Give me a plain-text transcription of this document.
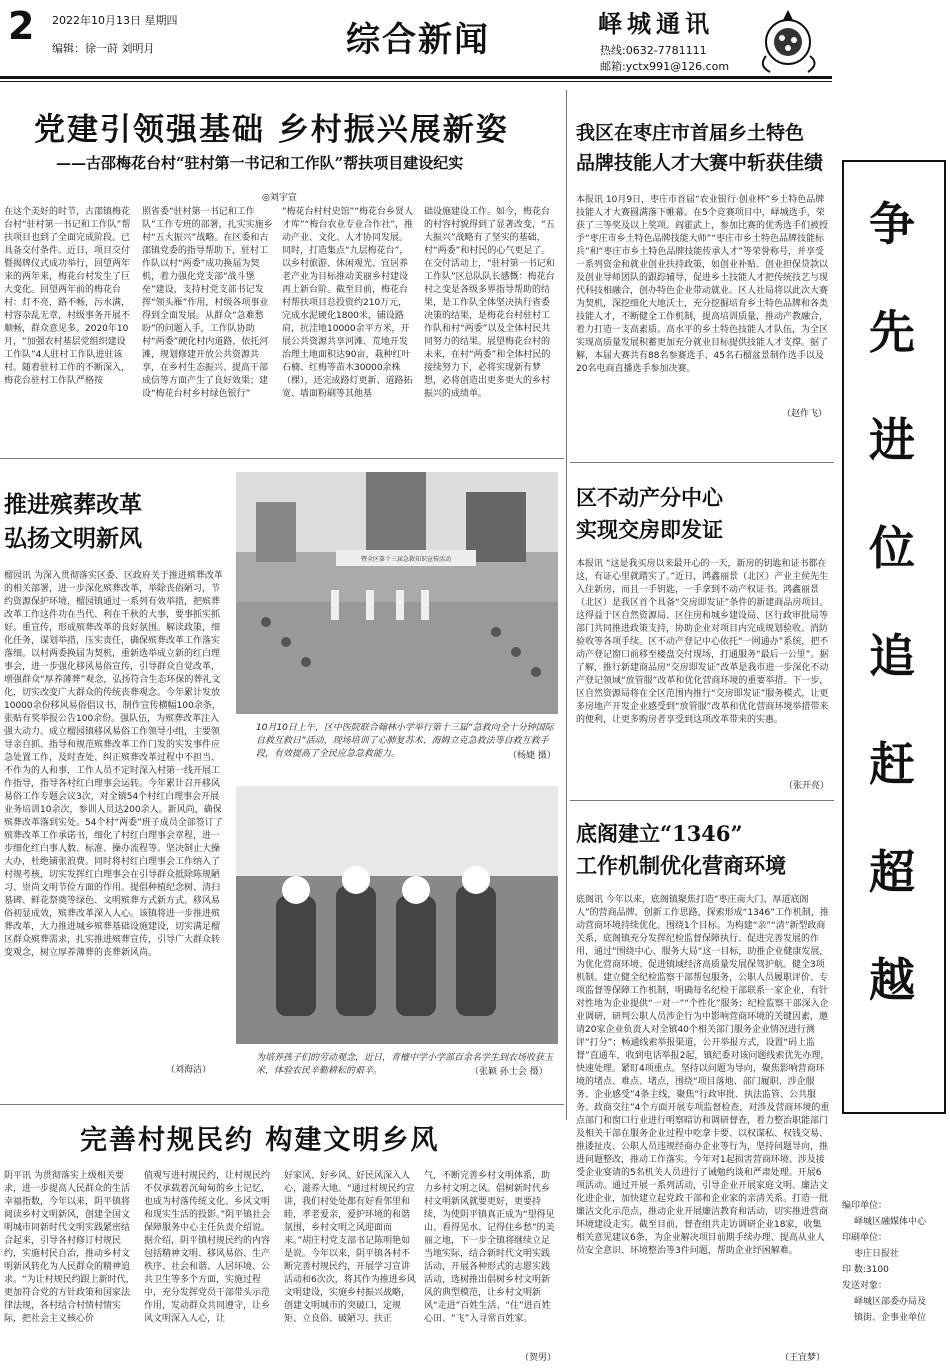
2 2022年10月13日 星期四
编辑：徐一莳 刘明月	综合新闻	峄城通讯
热线:0632-7781111
邮箱:yctx991@126.com
党建引领强基础 乡村振兴展新姿
——古邵梅花台村“驻村第一书记和工作队”帮扶项目建设纪实
◎刘宇宣
在这个美好的时节，古邵镇梅花台村“驻村第一书记和工作队”帮扶项目也到了全面完成阶段。已具备交付条件。近日，项目交付暨揭牌仪式成功举行，回望两年来的两年来，梅花台村发生了巨大变化。回望两年前的梅花台村：灯不亮，路不畅，污水满，村容杂乱无章，村级事务开展不顺畅，群众意见多。2020年10月，“加强农村基层党组织建设工作队”4人驻村工作队进驻该村。随着驻村工作的不断深入，梅花台驻村工作队严格按
照省委“驻村第一书记和工作队”工作专班的部署，扎实实施乡村“五大振兴”战略。在区委和古邵镇党委的指导帮助下，驻村工作队以村“两委”成功换届为契机，着力强化党支部“战斗堡垒”建设，支持村党支部书记发挥“领头雁”作用，村级各项事业得到全面发展。从群众“急难愁盼”的问题入手，工作队协助村“两委”硬化村内道路，依托河滩，规划修建开放公共资源共享，在乡村生态振兴、提高干部成信等方面产生了良好效果；建设“梅花台村乡村绿色银行”
“梅花台村村史馆”“梅花台乡贤人才库”“梅台农业专业合作社”，推动产业、文化、人才协同发展。同时，打造集点“九层梅花台”，以乡村旅游、休闲观光、宜居养老产业为目标推动美丽乡村建设再上新台阶。截至目前，梅花台村帮扶项目总投资约210万元，完成水泥硬化1800米，铺设路肩，抗洼地10000余平方米，开展公共资源共享河滩、荒地开发治理土地面积达90亩，栽种红叶石楠、红梅等苗木30000余株（棵），还完成路灯更新、道路拓宽、墙面粉刷等其他基
础设施建设工作。如今，梅花台的村容村貌得到了显著改变，“五大振兴”战略有了坚实的基础，村“两委”和村民的心气更足了。在交付活动上，“驻村第一书记和工作队”区总队队长感慨：梅花台村之变是各级多界指导帮助的结果，是工作队全体坚决执行省委决策的结果，是梅花台村驻村工作队和村“两委”以及全体村民共同努力的结果。展望梅花台村的未来，在村“两委”和全体村民的接续努力下，必将实现新有梦想，必将创造出更多更大的乡村振兴的成绩单。
推进殡葬改革
弘扬文明新风
榴园讯 为深入贯彻落实区委、区政府关于推进殡葬改革的相关部署，进一步深化殡葬改革，举除丧俗陋习，节约资源保护环境，榴园镇通过一系列有效举措，把殡葬改革工作这件功在当代、利在千秋的大事，要事抓实抓好。重宣传，形成殡葬改革的良好氛围。解读政策，细化任务，谋划举措，压实责任，确保殡葬改革工作落实落细。以村两委换届为契机，重新选举成立新的红白理事会，进一步强化移风易俗宣传，引导群众自觉改革，增强群众“厚养薄葬”观念，弘扬符合生态环保的葬礼文化，切实改变广大群众的传统丧葬观念。今年累计发放10000余份移风易俗倡议书，制作宣传横幅100余条，张贴有奖举报公告100余份。强队伍，为殡葬改革注入强大动力。成立榴园镇移风易俗工作领导小组，主要领导亲自抓、指导和规范殡葬改革工作门发的实发事件应急处置工作，及时查处、纠正殡葬改革过程中不担当、不作为的人和事，工作人员不定时深入村第一线开展工作指导，指导各村红白理事会运转。今年累计召开移风易俗工作专题会议3次，对全镇54个村红白理事会开展业务培训10余次，参训人员达200余人。新风尚，确保殡葬改革落到实处。54个村“两委”班子成员全部签订了殡葬改革工作承诺书，细化了村红白理事会章程，进一步细化红白事人数、标准、操办流程等。坚决制止大操大办，杜绝铺张浪费。同时将村红白理事会工作纳入了村规考核，切实发挥红白理事会在引导群众抵除陈规陋习、崇尚文明节俭方面的作用。提倡种植纪念树、清扫墓碑、鲜花祭奠等绿色、文明殡葬方式新方式。移风易俗初显成效，殡葬改革深入人心。该镇将进一步推进殡葬改革，大力推进城乡殡葬基础设施建设，切实满足榴区群众殡葬需求，扎实推进殡葬宣传，引导广大群众转变观念，树立厚养薄葬的丧葬新风尚。
（刘海洁）
暨全区第十三届急救知识宣传活动
10月10日上午，区中医院联合翰林小学举行第十三届“急救向全十分钟国际自救互救日”活动，现场培训了心肺复苏术、海姆立克急救法等自救互救手段，有效提高了全民应急急救能力。	（杨婕 摄）
为培养孩子们的劳动观念，近日，青檀中学小学部百余名学生到农场收获玉米，体验农民辛勤耕耘的艰辛。	（张颖 孙士会 摄）
我区在枣庄市首届乡土特色
品牌技能人才大赛中斩获佳绩
本报讯 10月9日，枣庄市首届“农业银行·创业杯”乡土特色品牌技能人才大赛圆满落下帷幕。在5个竞赛项目中，峄城选手，荣获了三等奖及以上奖项。阎霍武上，参加比赛的优秀选手们被授予“枣庄市乡土特色品牌技能大师”“枣庄市乡土特色品牌技能标兵”和“枣庄市乡土特色品牌技能传承人才”等荣誉称号，并享受一系列资金和就业创业扶持政策，如创业补贴、创业担保贷款以及创业导师团队的跟踪辅导，促进乡土技能人才把传统技艺与现代科技相融合，创办特色企业带动就业。区人社局将以此次大赛为契机，深挖细化大地沃土，充分挖掘培育乡土特色品牌和各类技能人才，不断健全工作机制，提高培训质量，推动产教融合，着力打造一支高素质、高水平的乡土特色技能人才队伍，为全区实现高质量发展积蓄更加充分就业目标提供技能人才支撑。据了解，本届大赛共有88名参赛选手、45名石榴盆景制作选手以及20名电商直播选手参加决赛。
（赵作飞）
区不动产分中心
实现交房即发证
本报讯 “这是我买房以来最开心的一天，新房的钥匙和证书都在这，有证心里就踏实了。”近日，鸿鑫丽景（北区）产业主侯先生入住新房，而且一手钥匙，一手拿到不动产权证书。鸿鑫丽景（北区）是我区首个具备“交房即发证”条件的新建商品房项目。这得益于区自然资源局、区住房和城乡建设局、区行政审批局等部门共同推进政策支持，协助企业对项目内完成规划验收、消防验收等各项手续。区不动产登记中心依托“一网通办”系统，把不动产登记窗口前移至楼盘交付现场，打通服务“最后一公里”。据了解，推行新建商品房“交房即发证”改革是我市进一步深化不动产登记领域“放管服”改革和优化营商环境的重要举措。下一步，区自然资源局将在全区范围内推行“交房即发证”服务模式，让更多房地产开发企业感受到“放管服”改革和优化营商环境举措带来的便利，让更多购房者享受到这项改革带来的实惠。
（张开亮）
底阁建立“1346”
工作机制优化营商环境
底阁讯 今年以来，底阁镇聚焦打造“枣庄南大门、厚道底阁人”的营商品牌，创新工作思路，探索形成“1346”工作机制，推动营商环境持续优化。围绕1个目标。为构建“亲”“清”新型政商关系，底阁镇充分发挥纪检监督保障执行、促进完善发展的作用，通过“围绕中心、服务大局”这一目标，助推企业健康发展，为优化营商环境、促进镇域经济高质量发展保驾护航。健全3项机制。建立健全纪检监察干部帮包服务，公职人员履职评价、专项监督等保障工作机制，明确每名纪检干部联系一家企业，有针对性地为企业提供“一对一”“个性化”服务；纪检监察干部深入企业调研，研判公职人员涉企行为中影响营商环境的关键因素，邀请20家企业负责人对全镇40个相关部门服务企业情况进行测评“打分”；畅通线索举报渠道，公开举报方式，设置“码上监督”直通车，收到电话举报2起，镇纪委对该问题线索优先办理，快速处理。紧盯4项重点。坚持以问题为导向，聚焦影响营商环境的堵点、难点、堵点，围绕“项目落地、部门履职、涉企服务、企业感受”4条主线，聚焦“行政审批、执法监管、公共服务、政商交往”4个方面开展专项监督检查，对涉及营商环境的重点部门和窗口行业进行明察暗访和调研督查，着力整治职能部门及相关干部在服务企业过程中吃拿卡要、以权谋私、权钱交易、推诿扯皮、公职人员违规经商办企业等行为，坚持问题导向，推进问题整改，推动工作落实。今年对1起损害营商环境、涉及接受企业宴请的5名机关人员进行了诫勉约谈和严肃处理。开展6项活动。通过开展一系列活动，引导企业开展家庭文明、廉洁文化进企业，加快建立起党政干部和企业家的亲清关系。打造一批廉洁文化示范点，推动企业开展廉洁教育和活动，切实推进营商环境建设走实。截至目前，督查组共走访调研企业18家，收集相关意见建议6条，为企业解决项目前期手续办理、提高从业人员安全意识、环境整治等3件问题，帮助企业纾困解难。
（王宜梦）
完善村规民约 构建文明乡风
阴平讯 为贯彻落实上级相关要求，进一步提高人民群众的生活幸福指数，今年以来，阴平镇将阅读乡村文明新风，创建全国文明城市同新时代文明实践紧密结合起来，引导各村修订村规民约，实施村民自治，推动乡村文明新风转化为人民群众的精神追求。“为让村规民约跟上新时代，更加符合党的方针政策和国家法律法规，各村结合村情村情实际，把社会主义核心价
值观写进村规民约，让村规民约不仅承载着沉甸甸的乡土记忆，也成为村落传统文化、乡风文明和现实生活的投影。”阴平镇社会保障服务中心主任负责介绍说。据介绍，阴平镇村规民约的内容包括精神文明、移风易俗、生产秩序、社会和谐、人居环境、公共卫生等多个方面，实施过程中，充分发挥党员干部带头示范作用，发动群众共同遵守，让乡风文明深入人心，让
好家风、好乡风、好民风深入人心，滋养大地。“通过村规民约宣讲，我们村处处都有好看邻里和睦，孝老爱亲，爱护环境的和谐氛围，乡村文明之风迎面而来。”胡庄村党支部书记陈明艳如是说。今年以来，阴平镇各村不断完善村规民约，开展学习宣讲活动和6次次，将其作为推进乡风文明建设，实施乡村振兴战略，创建文明城市的突破口，定规矩、立良俗、破陋习、扶正
气，不断完善乡村文明体系，助力乡村文明之风。倡树新时代乡村文明新风就要更好，更要持续，为使阴平镇真正成为“望得见山、看得见水、记得住乡愁”的美丽之地，下一步全镇将继续立足当地实际，结合新时代文明实践活动，开展各种形式的志愿实践活动，选树推出倡树乡村文明新风的典型模范，让乡村文明新风“走进”百姓生活、“住”进百姓心田、“飞”入寻常百姓家。
（贺男）
争
先
进
位
追
赶
超
越
编印单位：
峄城区融媒体中心
印刷单位：
枣庄日报社
印 数:3100
发送对象：
峄城区部委办局及
镇街、企事业单位
